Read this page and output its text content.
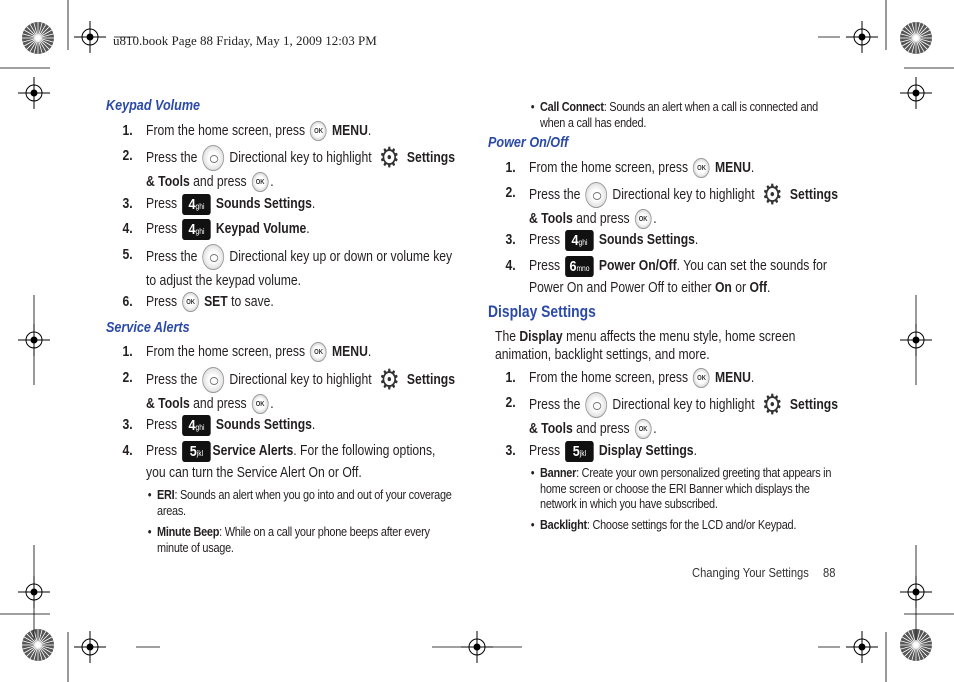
u810.book Page 88 Friday, May 1, 2009 12:03 PM
Keypad Volume
1. From the home screen, press OK MENU.
2. Press the  Directional key to highlight ⚙ Settings & Tools and press OK .
3. Press 4ghi Sounds Settings.
4. Press 4ghi Keypad Volume.
5. Press the  Directional key up or down or volume key to adjust the keypad volume.
6. Press OK SET to save.
Service Alerts
1. From the home screen, press OK MENU.
2. Press the  Directional key to highlight ⚙ Settings & Tools and press OK .
3. Press 4ghi Sounds Settings.
4. Press 5jkl Service Alerts. For the following options, you can turn the Service Alert On or Off.
• ERI: Sounds an alert when you go into and out of your coverage areas.
• Minute Beep: While on a call your phone beeps after every minute of usage.
• Call Connect: Sounds an alert when a call is connected and when a call has ended.
Power On/Off
1. From the home screen, press OK MENU.
2. Press the  Directional key to highlight ⚙ Settings & Tools and press OK .
3. Press 4ghi Sounds Settings.
4. Press 6mno Power On/Off. You can set the sounds for Power On and Power Off to either On or Off.
Display Settings
The Display menu affects the menu style, home screen animation, backlight settings, and more.
1. From the home screen, press OK MENU.
2. Press the  Directional key to highlight ⚙ Settings & Tools and press OK .
3. Press 5jkl Display Settings.
• Banner: Create your own personalized greeting that appears in home screen or choose the ERI Banner which displays the network in which you have subscribed.
• Backlight: Choose settings for the LCD and/or Keypad.
Changing Your Settings 88
